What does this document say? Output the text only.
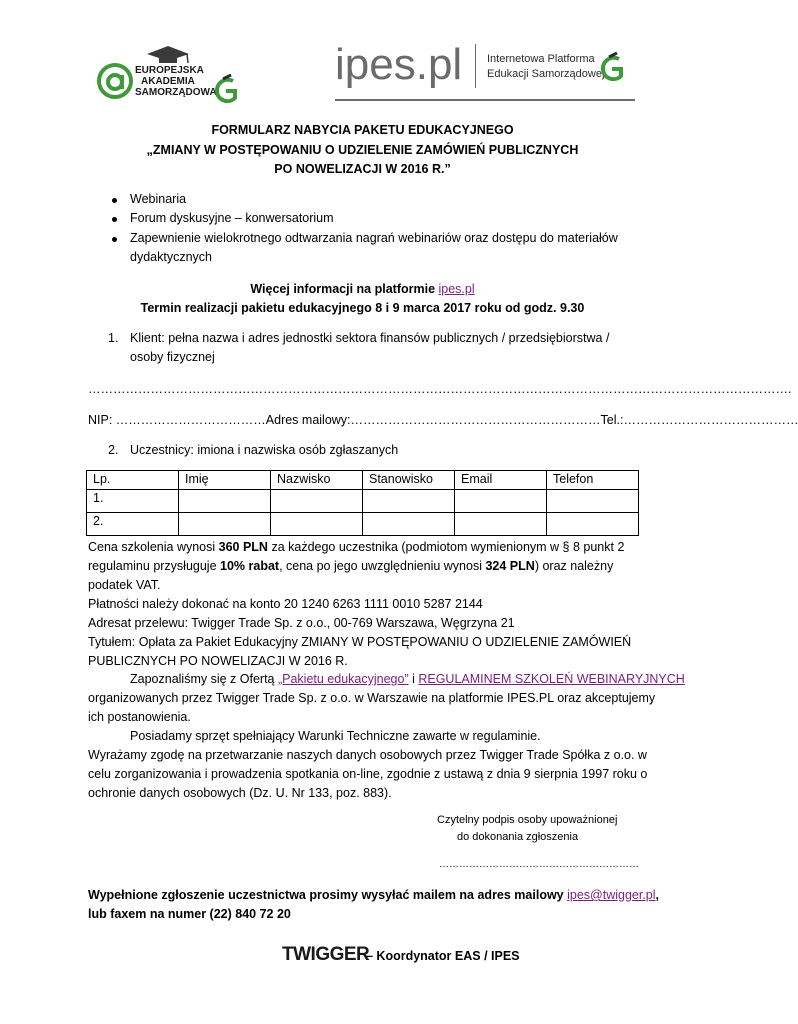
EUROPEJSKA
AKADEMIA
SAMORZĄDOWA
ipes.pl Internetowa Platforma
Edukacji Samorządowej
FORMULARZ NABYCIA PAKETU EDUKACYJNEGO
„ZMIANY W POSTĘPOWANIU O UDZIELENIE ZAMÓWIEŃ PUBLICZNYCH
PO NOWELIZACJI W 2016 R.”
Webinaria
Forum dyskusyjne – konwersatorium
Zapewnienie wielokrotnego odtwarzania nagrań webinariów oraz dostępu do materiałów
dydaktycznych
Więcej informacji na platformie ipes.pl
Termin realizacji pakietu edukacyjnego 8 i 9 marca 2017 roku od godz. 9.30
1. Klient: pełna nazwa i adres jednostki sektora finansów publicznych / przedsiębiorstwa /
osoby fizycznej
…………………………………………………………………………………………………………………………………………………….
NIP: ………………………………Adres mailowy:……………………………………………………Tel.:……………………………………
2. Uczestnicy: imiona i nazwiska osób zgłaszanych
Lp.	Imię	Nazwisko	Stanowisko	Email	Telefon
1.					
2.					
Cena szkolenia wynosi 360 PLN za każdego uczestnika (podmiotom wymienionym w § 8 punkt 2
regulaminu przysługuje 10% rabat, cena po jego uwzględnieniu wynosi 324 PLN) oraz należny
podatek VAT.
Płatności należy dokonać na konto 20 1240 6263 1111 0010 5287 2144
Adresat przelewu: Twigger Trade Sp. z o.o., 00-769 Warszawa, Węgrzyna 21
Tytułem: Opłata za Pakiet Edukacyjny ZMIANY W POSTĘPOWANIU O UDZIELENIE ZAMÓWIEŃ
PUBLICZNYCH PO NOWELIZACJI W 2016 R.
Zapoznaliśmy się z Ofertą „Pakietu edukacyjnego” i REGULAMINEM SZKOLEŃ WEBINARYJNYCH
organizowanych przez Twigger Trade Sp. z o.o. w Warszawie na platformie IPES.PL oraz akceptujemy
ich postanowienia.
Posiadamy sprzęt spełniający Warunki Techniczne zawarte w regulaminie.
Wyrażamy zgodę na przetwarzanie naszych danych osobowych przez Twigger Trade Spółka z o.o. w
celu zorganizowania i prowadzenia spotkania on-line, zgodnie z ustawą z dnia 9 sierpnia 1997 roku o
ochronie danych osobowych (Dz. U. Nr 133, poz. 883).
Czytelny podpis osoby upoważnionej
do dokonania zgłoszenia
……………………………………………………
Wypełnione zgłoszenie uczestnictwa prosimy wysyłać mailem na adres mailowy ipes@twigger.pl,
lub faxem na numer (22) 840 72 20
TWIGGER
– Koordynator EAS / IPES
